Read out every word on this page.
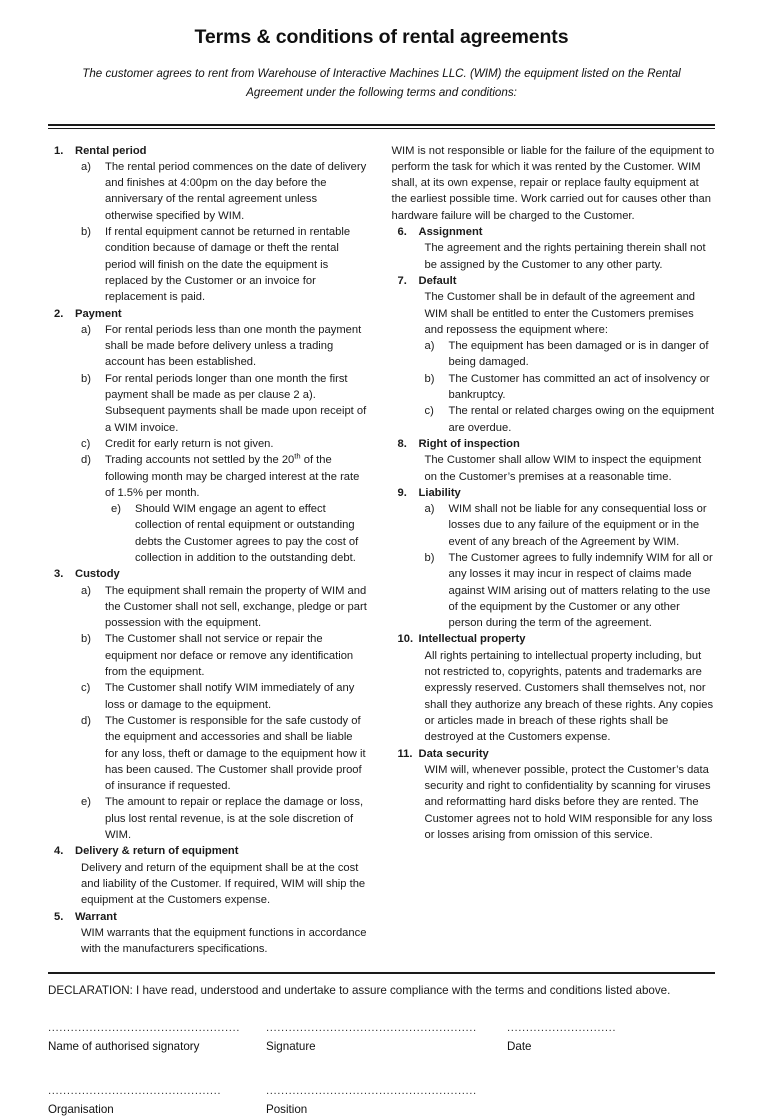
Terms & conditions of rental agreements

The customer agrees to rent from Warehouse of Interactive Machines LLC. (WIM) the equipment listed on the Rental Agreement under the following terms and conditions:

1.	Rental period
a)	The rental period commences on the date of delivery and finishes at 4:00pm on the day before the anniversary of the rental agreement unless otherwise specified by WIM.
b)	If rental equipment cannot be returned in rentable condition because of damage or theft the rental period will finish on the date the equipment is replaced by the Customer or an invoice for replacement is paid.
2.	Payment
a)	For rental periods less than one month the payment shall be made before delivery unless a trading account has been established.
b)	For rental periods longer than one month the first payment shall be made as per clause 2 a). Subsequent payments shall be made upon receipt of a WIM invoice.
c)	Credit for early return is not given.
d)	Trading accounts not settled by the 20th of the following month may be charged interest at the rate of 1.5% per month.
e)	Should WIM engage an agent to effect collection of rental equipment or outstanding debts the Customer agrees to pay the cost of collection in addition to the outstanding debt.
3.	Custody
a)	The equipment shall remain the property of WIM and the Customer shall not sell, exchange, pledge or part possession with the equipment.
b)	The Customer shall not service or repair the equipment nor deface or remove any identification from the equipment.
c)	The Customer shall notify WIM immediately of any loss or damage to the equipment.
d)	The Customer is responsible for the safe custody of the equipment and accessories and shall be liable for any loss, theft or damage to the equipment how it has been caused. The Customer shall provide proof of insurance if requested.
e)	The amount to repair or replace the damage or loss, plus lost rental revenue, is at the sole discretion of WIM.
4.	Delivery & return of equipment
Delivery and return of the equipment shall be at the cost and liability of the Customer. If required, WIM will ship the equipment at the Customers expense.
5.	Warrant
WIM warrants that the equipment functions in accordance with the manufacturers specifications.
WIM is not responsible or liable for the failure of the equipment to perform the task for which it was rented by the Customer. WIM shall, at its own expense, repair or replace faulty equipment at the earliest possible time. Work carried out for causes other than hardware failure will be charged to the Customer.
6.	Assignment
The agreement and the rights pertaining therein shall not be assigned by the Customer to any other party.
7.	Default
The Customer shall be in default of the agreement and WIM shall be entitled to enter the Customers premises and repossess the equipment where:
a)	The equipment has been damaged or is in danger of being damaged.
b)	The Customer has committed an act of insolvency or bankruptcy.
c)	The rental or related charges owing on the equipment are overdue.
8.	Right of inspection
The Customer shall allow WIM to inspect the equipment on the Customer’s premises at a reasonable time.
9.	Liability
a)	WIM shall not be liable for any consequential loss or losses due to any failure of the equipment or in the event of any breach of the Agreement by WIM.
b)	The Customer agrees to fully indemnify WIM for all or any losses it may incur in respect of claims made against WIM arising out of matters relating to the use of the equipment by the Customer or any other person during the term of the agreement.
10. Intellectual property
All rights pertaining to intellectual property including, but not restricted to, copyrights, patents and trademarks are expressly reserved. Customers shall themselves not, nor shall they authorize any breach of these rights. Any copies or articles made in breach of these rights shall be destroyed at the Customers expense.
11. Data security
WIM will, whenever possible, protect the Customer’s data security and right to confidentiality by scanning for viruses and reformatting hard disks before they are rented. The Customer agrees not to hold WIM responsible for any loss or losses arising from omission of this service.
DECLARATION: I have read, understood and undertake to assure compliance with the terms and conditions listed above.
...................................................
Name of authorised signatory
........................................................
Signature
.............................
Date
..............................................
Organisation
........................................................
Position
